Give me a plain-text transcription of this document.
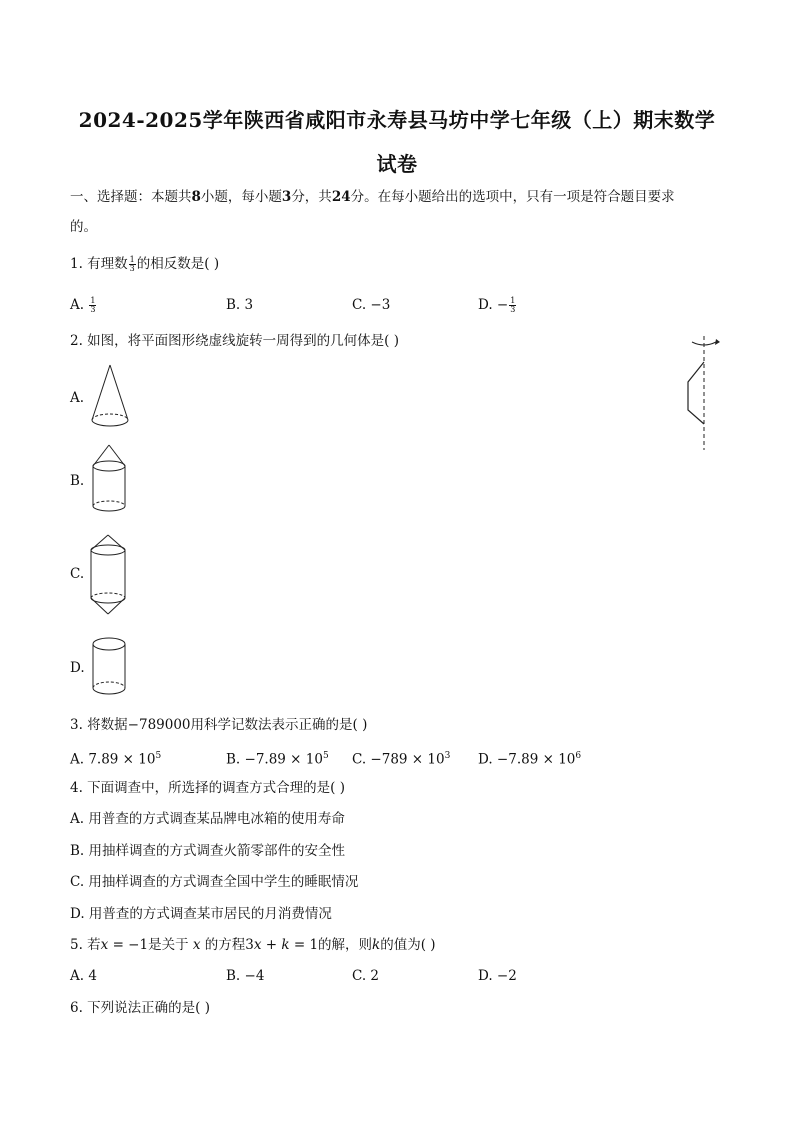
2024-2025学年陕西省咸阳市永寿县马坊中学七年级（上）期末数学
试卷
一、选择题：本题共8小题，每小题3分，共24分。在每小题给出的选项中，只有一项是符合题目要求
的。
1. 有理数 $\frac{1}{3}$ 的相反数是( )
A. $\frac{1}{3}$	B. 3	C. −3	D. − $\frac{1}{3}$
2. 如图，将平面图形绕虚线旋转一周得到的几何体是( )
A.
B.
C.
D.
3. 将数据−789000用科学记数法表示正确的是( )
A. $7.89 \times 10^5$	B. $-7.89 \times 10^5$ C. $-789 \times 10^3$ D. $-7.89 \times 10^6$
4. 下面调查中，所选择的调查方式合理的是( )
A. 用普查的方式调查某品牌电冰箱的使用寿命
B. 用抽样调查的方式调查火箭零部件的安全性
C. 用抽样调查的方式调查全国中学生的睡眠情况
D. 用普查的方式调查某市居民的月消费情况
5. 若𝑥 = −1是关于 𝑥 的方程3𝑥 + 𝑘 = 1的解，则𝑘的值为( )
A. 4	B. −4	C. 2	D. −2
6. 下列说法正确的是( )
